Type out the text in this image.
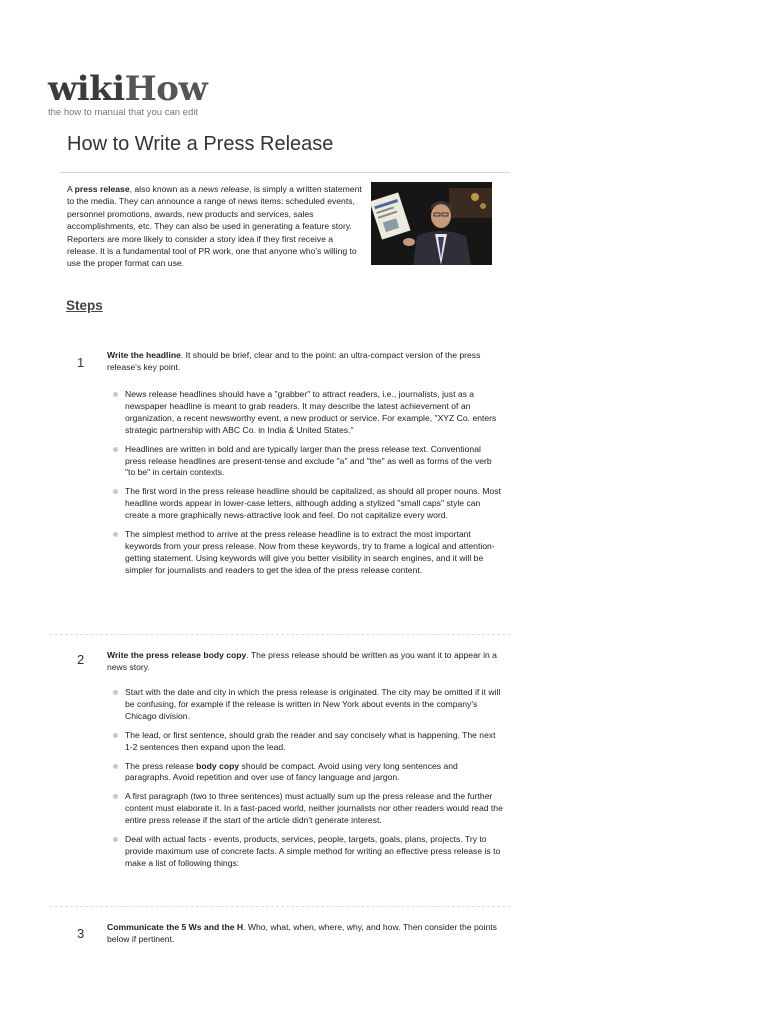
wikiHow
the how to manual that you can edit
How to Write a Press Release
A press release, also known as a news release, is simply a written statement to the media. They can announce a range of news items: scheduled events, personnel promotions, awards, new products and services, sales accomplishments, etc. They can also be used in generating a feature story. Reporters are more likely to consider a story idea if they first receive a release. It is a fundamental tool of PR work, one that anyone who's willing to use the proper format can use.
Steps
1	Write the headline. It should be brief, clear and to the point: an ultra-compact version of the press release's key point.
News release headlines should have a "grabber" to attract readers, i.e., journalists, just as a newspaper headline is meant to grab readers. It may describe the latest achievement of an organization, a recent newsworthy event, a new product or service. For example, "XYZ Co. enters strategic partnership with ABC Co. in India & United States."
Headlines are written in bold and are typically larger than the press release text. Conventional press release headlines are present-tense and exclude "a" and "the" as well as forms of the verb "to be" in certain contexts.
The first word in the press release headline should be capitalized, as should all proper nouns. Most headline words appear in lower-case letters, although adding a stylized "small caps" style can create a more graphically news-attractive look and feel. Do not capitalize every word.
The simplest method to arrive at the press release headline is to extract the most important keywords from your press release. Now from these keywords, try to frame a logical and attention-getting statement. Using keywords will give you better visibility in search engines, and it will be simpler for journalists and readers to get the idea of the press release content.
2	Write the press release body copy. The press release should be written as you want it to appear in a news story.
Start with the date and city in which the press release is originated. The city may be omitted if it will be confusing, for example if the release is written in New York about events in the company's Chicago division.
The lead, or first sentence, should grab the reader and say concisely what is happening. The next 1-2 sentences then expand upon the lead.
The press release body copy should be compact. Avoid using very long sentences and paragraphs. Avoid repetition and over use of fancy language and jargon.
A first paragraph (two to three sentences) must actually sum up the press release and the further content must elaborate it. In a fast-paced world, neither journalists nor other readers would read the entire press release if the start of the article didn't generate interest.
Deal with actual facts - events, products, services, people, targets, goals, plans, projects. Try to provide maximum use of concrete facts. A simple method for writing an effective press release is to make a list of following things:
3	Communicate the 5 Ws and the H. Who, what, when, where, why, and how. Then consider the points below if pertinent.
